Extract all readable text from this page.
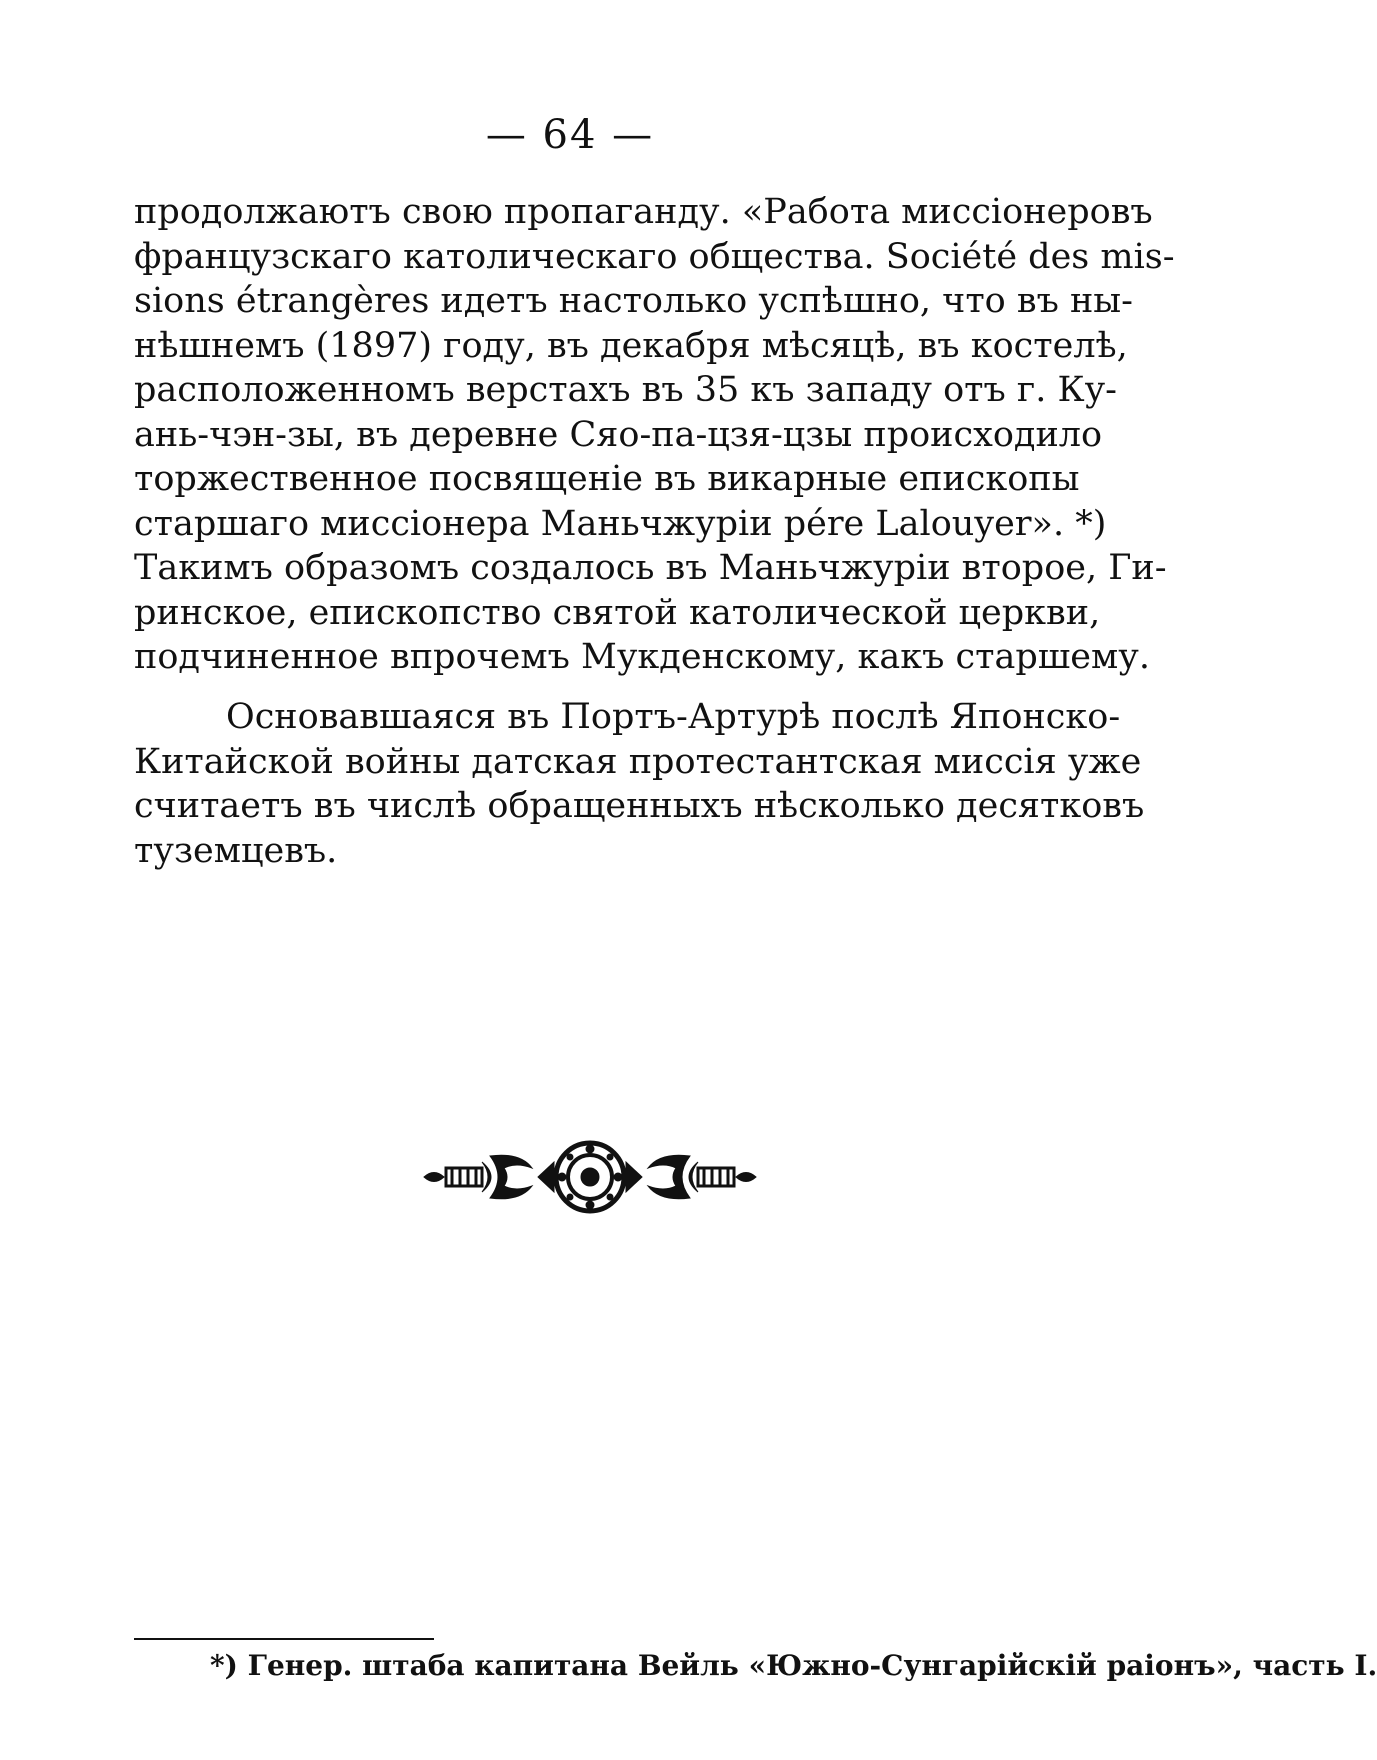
— 64 —
продолжаютъ свою пропаганду. «Работа миссіонеровъ
французскаго католическаго общества. Société des mis-
sions étrangères идетъ настолько успѣшно, что въ ны-
нѣшнемъ (1897) году, въ декабря мѣсяцѣ, въ костелѣ,
расположенномъ верстахъ въ 35 къ западу отъ г. Ку-
ань-чэн-зы, въ деревне Сяо-па-цзя-цзы происходило
торжественное посвященіе въ викарные епископы
старшаго миссіонера Маньчжуріи pére Lalouyer». *)
Такимъ образомъ создалось въ Маньчжуріи второе, Ги-
ринское, епископство святой католической церкви,
подчиненное впрочемъ Мукденскому, какъ старшему.
Основавшаяся въ Портъ-Артурѣ послѣ Японско-
Китайской войны датская протестантская миссія уже
считаетъ въ числѣ обращенныхъ нѣсколько десятковъ
туземцевъ.
*) Генер. штаба капитана Вейль «Южно-Сунгарійскій раіонъ», часть I.
